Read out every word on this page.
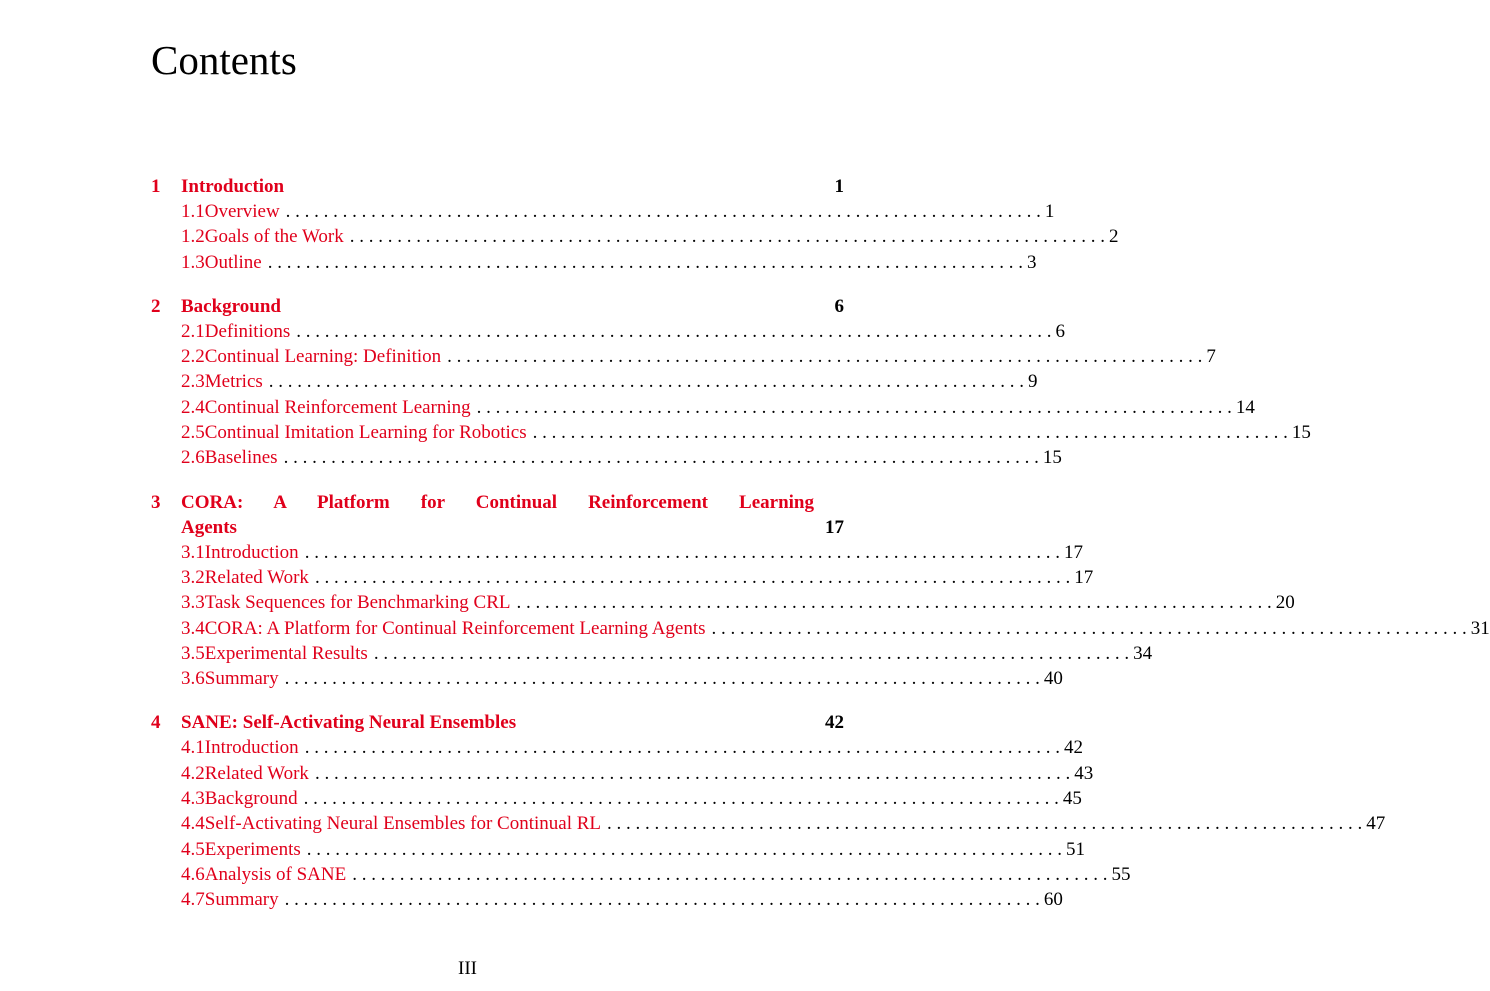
Contents
1	Introduction	1
1.1 Overview . . . . . . . . . . . . . . . . . . . . . . . . . . . . . . . . . . . . . . . . . . . . . . . . . . . . . . . . . . . . . . . . . . . . . . . . . . . . . . . . 1
1.2 Goals of the Work . . . . . . . . . . . . . . . . . . . . . . . . . . . . . . . . . . . . . . . . . . . . . . . . . . . . . . . . . . . . . . . . . . . . . . . . . . . . . . . . 2
1.3 Outline . . . . . . . . . . . . . . . . . . . . . . . . . . . . . . . . . . . . . . . . . . . . . . . . . . . . . . . . . . . . . . . . . . . . . . . . . . . . . . . . 3
2	Background	6
2.1 Definitions . . . . . . . . . . . . . . . . . . . . . . . . . . . . . . . . . . . . . . . . . . . . . . . . . . . . . . . . . . . . . . . . . . . . . . . . . . . . . . . . 6
2.2 Continual Learning: Definition . . . . . . . . . . . . . . . . . . . . . . . . . . . . . . . . . . . . . . . . . . . . . . . . . . . . . . . . . . . . . . . . . . . . . . . . . . . . . . . . 7
2.3 Metrics . . . . . . . . . . . . . . . . . . . . . . . . . . . . . . . . . . . . . . . . . . . . . . . . . . . . . . . . . . . . . . . . . . . . . . . . . . . . . . . . 9
2.4 Continual Reinforcement Learning . . . . . . . . . . . . . . . . . . . . . . . . . . . . . . . . . . . . . . . . . . . . . . . . . . . . . . . . . . . . . . . . . . . . . . . . . . . . . . . . 14
2.5 Continual Imitation Learning for Robotics . . . . . . . . . . . . . . . . . . . . . . . . . . . . . . . . . . . . . . . . . . . . . . . . . . . . . . . . . . . . . . . . . . . . . . . . . . . . . . . . 15
2.6 Baselines . . . . . . . . . . . . . . . . . . . . . . . . . . . . . . . . . . . . . . . . . . . . . . . . . . . . . . . . . . . . . . . . . . . . . . . . . . . . . . . . 15
3	CORA: A Platform for Continual Reinforcement Learning
Agents	17
3.1 Introduction . . . . . . . . . . . . . . . . . . . . . . . . . . . . . . . . . . . . . . . . . . . . . . . . . . . . . . . . . . . . . . . . . . . . . . . . . . . . . . . . 17
3.2 Related Work . . . . . . . . . . . . . . . . . . . . . . . . . . . . . . . . . . . . . . . . . . . . . . . . . . . . . . . . . . . . . . . . . . . . . . . . . . . . . . . . 17
3.3 Task Sequences for Benchmarking CRL . . . . . . . . . . . . . . . . . . . . . . . . . . . . . . . . . . . . . . . . . . . . . . . . . . . . . . . . . . . . . . . . . . . . . . . . . . . . . . . . 20
3.4 CORA: A Platform for Continual Reinforcement Learning Agents . . . . . . . . . . . . . . . . . . . . . . . . . . . . . . . . . . . . . . . . . . . . . . . . . . . . . . . . . . . . . . . . . . . . . . . . . . . . . . . . 31
3.5 Experimental Results . . . . . . . . . . . . . . . . . . . . . . . . . . . . . . . . . . . . . . . . . . . . . . . . . . . . . . . . . . . . . . . . . . . . . . . . . . . . . . . . 34
3.6 Summary . . . . . . . . . . . . . . . . . . . . . . . . . . . . . . . . . . . . . . . . . . . . . . . . . . . . . . . . . . . . . . . . . . . . . . . . . . . . . . . . 40
4	SANE: Self-Activating Neural Ensembles	42
4.1 Introduction . . . . . . . . . . . . . . . . . . . . . . . . . . . . . . . . . . . . . . . . . . . . . . . . . . . . . . . . . . . . . . . . . . . . . . . . . . . . . . . . 42
4.2 Related Work . . . . . . . . . . . . . . . . . . . . . . . . . . . . . . . . . . . . . . . . . . . . . . . . . . . . . . . . . . . . . . . . . . . . . . . . . . . . . . . . 43
4.3 Background . . . . . . . . . . . . . . . . . . . . . . . . . . . . . . . . . . . . . . . . . . . . . . . . . . . . . . . . . . . . . . . . . . . . . . . . . . . . . . . . 45
4.4 Self-Activating Neural Ensembles for Continual RL . . . . . . . . . . . . . . . . . . . . . . . . . . . . . . . . . . . . . . . . . . . . . . . . . . . . . . . . . . . . . . . . . . . . . . . . . . . . . . . . 47
4.5 Experiments . . . . . . . . . . . . . . . . . . . . . . . . . . . . . . . . . . . . . . . . . . . . . . . . . . . . . . . . . . . . . . . . . . . . . . . . . . . . . . . . 51
4.6 Analysis of SANE . . . . . . . . . . . . . . . . . . . . . . . . . . . . . . . . . . . . . . . . . . . . . . . . . . . . . . . . . . . . . . . . . . . . . . . . . . . . . . . . 55
4.7 Summary . . . . . . . . . . . . . . . . . . . . . . . . . . . . . . . . . . . . . . . . . . . . . . . . . . . . . . . . . . . . . . . . . . . . . . . . . . . . . . . . 60
III
